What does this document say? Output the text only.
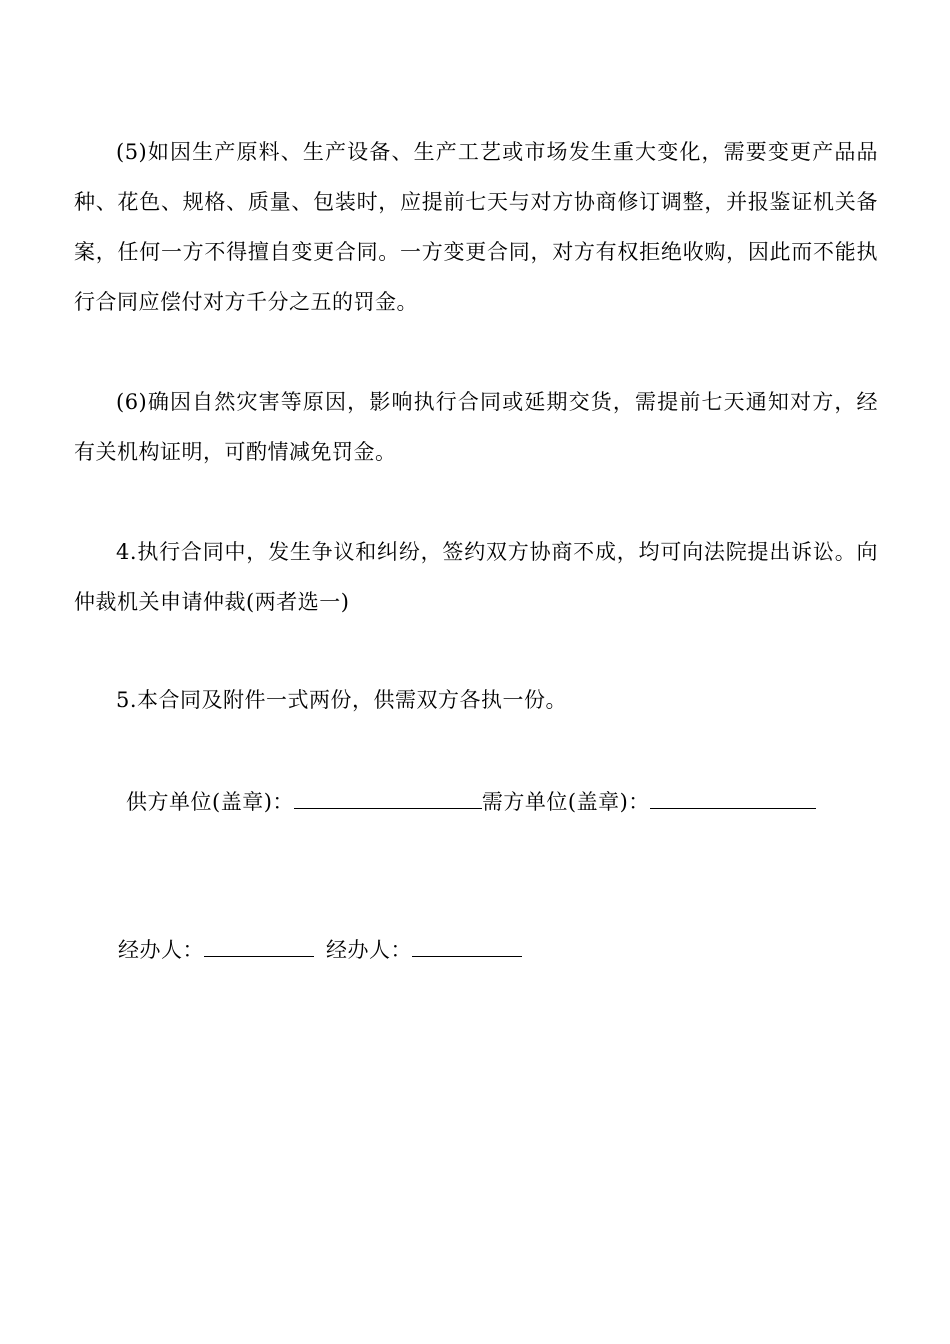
(5)如因生产原料、生产设备、生产工艺或市场发生重大变化，需要变更产品品种、花色、规格、质量、包装时，应提前七天与对方协商修订调整，并报鉴证机关备案，任何一方不得擅自变更合同。一方变更合同，对方有权拒绝收购，因此而不能执行合同应偿付对方千分之五的罚金。

(6)确因自然灾害等原因，影响执行合同或延期交货，需提前七天通知对方，经有关机构证明，可酌情减免罚金。

4.执行合同中，发生争议和纠纷，签约双方协商不成，均可向法院提出诉讼。向仲裁机关申请仲裁(两者选一)

5.本合同及附件一式两份，供需双方各执一份。

供方单位(盖章)：	需方单位(盖章)：
经办人：	经办人：
